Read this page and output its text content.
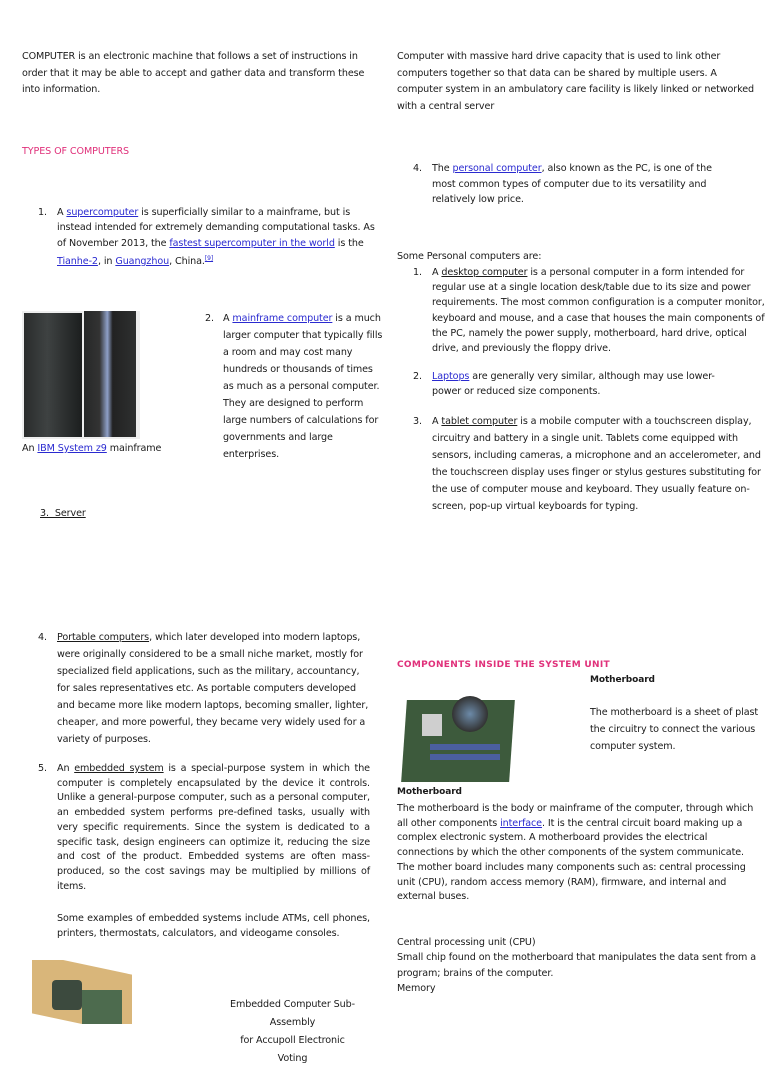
COMPUTER is an electronic machine that follows a set of instructions in order that it may be able to accept and gather data and transform these into information.
TYPES OF COMPUTERS
1. A supercomputer is superficially similar to a mainframe, but is instead intended for extremely demanding computational tasks. As of November 2013, the fastest supercomputer in the world is the Tianhe-2, in Guangzhou, China.[9]
An IBM System z9 mainframe
2. A mainframe computer is a much larger computer that typically fills a room and may cost many hundreds or thousands of times as much as a personal computer. They are designed to perform large numbers of calculations for governments and large enterprises.
3.  Server
4. Portable computers, which later developed into modern laptops, were originally considered to be a small niche market, mostly for specialized field applications, such as the military, accountancy, for sales representatives etc. As portable computers developed and became more like modern laptops, becoming smaller, lighter, cheaper, and more powerful, they became very widely used for a variety of purposes.
5. An embedded system is a special-purpose system in which the computer is completely encapsulated by the device it controls. Unlike a general-purpose computer, such as a personal computer, an embedded system performs pre-defined tasks, usually with very specific requirements. Since the system is dedicated to a specific task, design engineers can optimize it, reducing the size and cost of the product. Embedded systems are often mass-produced, so the cost savings may be multiplied by millions of items.
Some examples of embedded systems include ATMs, cell phones, printers, thermostats, calculators, and videogame consoles.
Embedded Computer Sub-Assembly
for Accupoll Electronic Voting
Computer with massive hard drive capacity that is used to link other computers together so that data can be shared by multiple users. A computer system in an ambulatory care facility is likely linked or networked with a central server
4. The personal computer, also known as the PC, is one of the most common types of computer due to its versatility and relatively low price.
Some Personal computers are:
1. A desktop computer is a personal computer in a form intended for regular use at a single location desk/table due to its size and power requirements. The most common configuration is a computer monitor, keyboard and mouse, and a case that houses the main components of the PC, namely the power supply, motherboard, hard drive, optical drive, and previously the floppy drive.
2. Laptops are generally very similar, although may use lower-power or reduced size components.
3. A tablet computer is a mobile computer with a touchscreen display, circuitry and battery in a single unit. Tablets come equipped with sensors, including cameras, a microphone and an accelerometer, and the touchscreen display uses finger or stylus gestures substituting for the use of computer mouse and keyboard. They usually feature on-screen, pop-up virtual keyboards for typing.
COMPONENTS INSIDE THE SYSTEM UNIT
Motherboard
The motherboard is a sheet of plast
the circuitry to connect the various
computer system.
Motherboard
The motherboard is the body or mainframe of the computer, through which all other components interface. It is the central circuit board making up a complex electronic system. A motherboard provides the electrical connections by which the other components of the system communicate. The mother board includes many components such as: central processing unit (CPU), random access memory (RAM), firmware, and internal and external buses.
Central processing unit (CPU)
Small chip found on the motherboard that manipulates the data sent from a program; brains of the computer.
Memory
